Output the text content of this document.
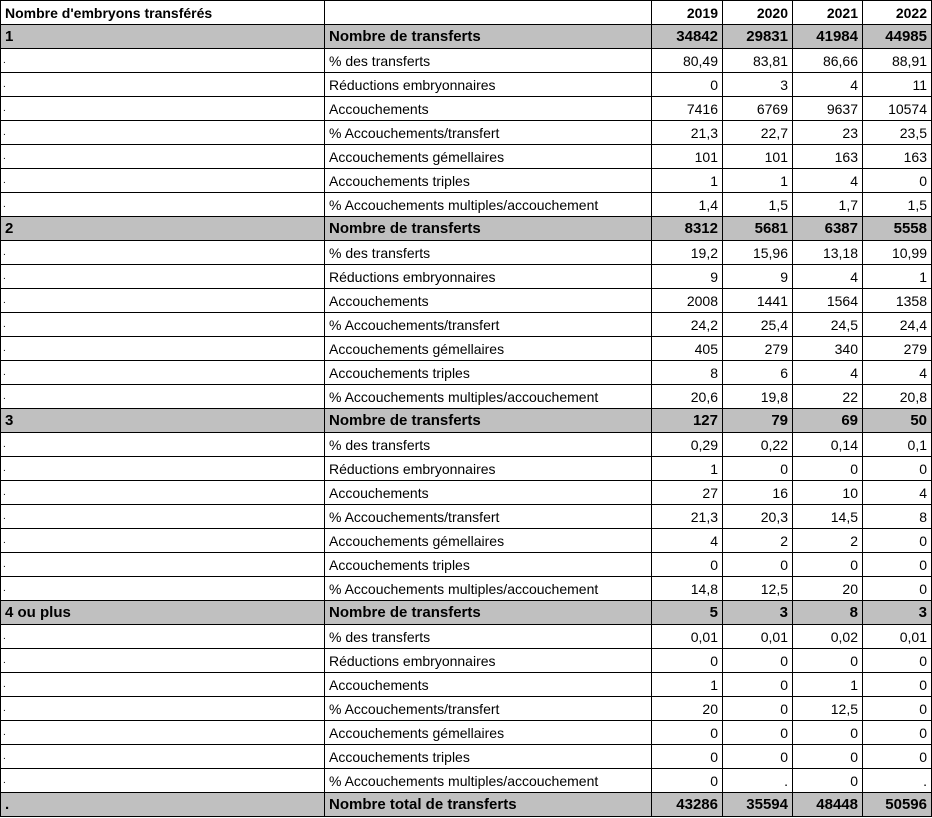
Nombre d'embryons transférés		2019	2020	2021	2022
1	Nombre de transferts	34842	29831	41984	44985
.	% des transferts	80,49	83,81	86,66	88,91
.	Réductions embryonnaires	0	3	4	11
.	Accouchements	7416	6769	9637	10574
.	% Accouchements/transfert	21,3	22,7	23	23,5
.	Accouchements gémellaires	101	101	163	163
.	Accouchements triples	1	1	4	0
.	% Accouchements multiples/accouchement	1,4	1,5	1,7	1,5
2	Nombre de transferts	8312	5681	6387	5558
.	% des transferts	19,2	15,96	13,18	10,99
.	Réductions embryonnaires	9	9	4	1
.	Accouchements	2008	1441	1564	1358
.	% Accouchements/transfert	24,2	25,4	24,5	24,4
.	Accouchements gémellaires	405	279	340	279
.	Accouchements triples	8	6	4	4
.	% Accouchements multiples/accouchement	20,6	19,8	22	20,8
3	Nombre de transferts	127	79	69	50
.	% des transferts	0,29	0,22	0,14	0,1
.	Réductions embryonnaires	1	0	0	0
.	Accouchements	27	16	10	4
.	% Accouchements/transfert	21,3	20,3	14,5	8
.	Accouchements gémellaires	4	2	2	0
.	Accouchements triples	0	0	0	0
.	% Accouchements multiples/accouchement	14,8	12,5	20	0
4 ou plus	Nombre de transferts	5	3	8	3
.	% des transferts	0,01	0,01	0,02	0,01
.	Réductions embryonnaires	0	0	0	0
.	Accouchements	1	0	1	0
.	% Accouchements/transfert	20	0	12,5	0
.	Accouchements gémellaires	0	0	0	0
.	Accouchements triples	0	0	0	0
.	% Accouchements multiples/accouchement	0	.	0	.
.	Nombre total de transferts	43286	35594	48448	50596
